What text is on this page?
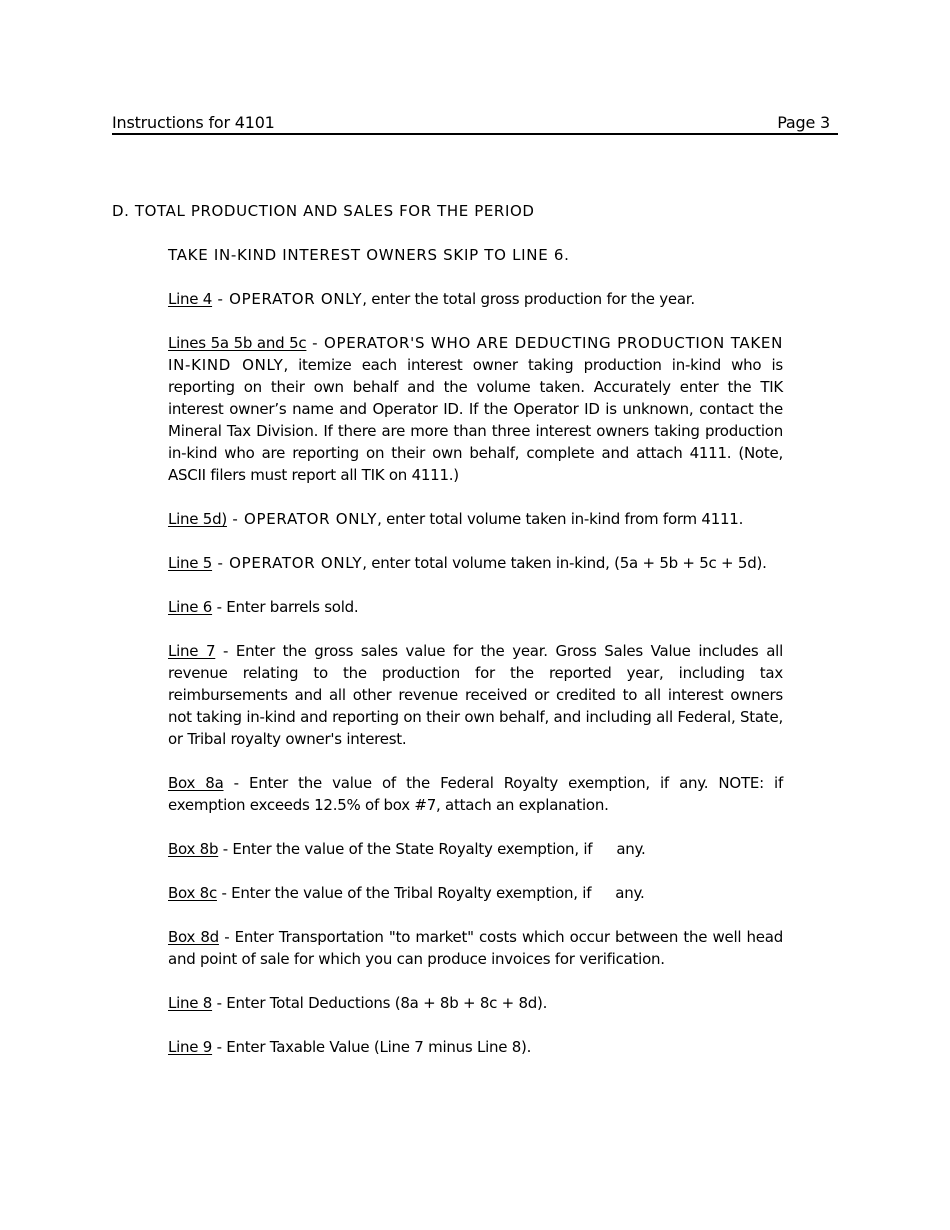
Instructions for 4101	Page 3
D. TOTAL PRODUCTION AND SALES FOR THE PERIOD

TAKE IN-KIND INTEREST OWNERS SKIP TO LINE 6.

Line 4 - OPERATOR ONLY, enter the total gross production for the year.

Lines 5a 5b and 5c - OPERATOR'S WHO ARE DEDUCTING PRODUCTION TAKEN IN-KIND ONLY, itemize each interest owner taking production in-kind who is reporting on their own behalf and the volume taken. Accurately enter the TIK interest owner’s name and Operator ID. If the Operator ID is unknown, contact the Mineral Tax Division. If there are more than three interest owners taking production in-kind who are reporting on their own behalf, complete and attach 4111. (Note, ASCII filers must report all TIK on 4111.)

Line 5d) - OPERATOR ONLY, enter total volume taken in-kind from form 4111.

Line 5 - OPERATOR ONLY, enter total volume taken in-kind, (5a + 5b + 5c + 5d).

Line 6 - Enter barrels sold.

Line 7 - Enter the gross sales value for the year. Gross Sales Value includes all revenue relating to the production for the reported year, including tax reimbursements and all other revenue received or credited to all interest owners not taking in-kind and reporting on their own behalf, and including all Federal, State, or Tribal royalty owner's interest.

Box 8a - Enter the value of the Federal Royalty exemption, if any. NOTE: if exemption exceeds 12.5% of box #7, attach an explanation.

Box 8b - Enter the value of the State Royalty exemption, if any.

Box 8c - Enter the value of the Tribal Royalty exemption, if any.

Box 8d - Enter Transportation "to market" costs which occur between the well head and point of sale for which you can produce invoices for verification.

Line 8 - Enter Total Deductions (8a + 8b + 8c + 8d).

Line 9 - Enter Taxable Value (Line 7 minus Line 8).
